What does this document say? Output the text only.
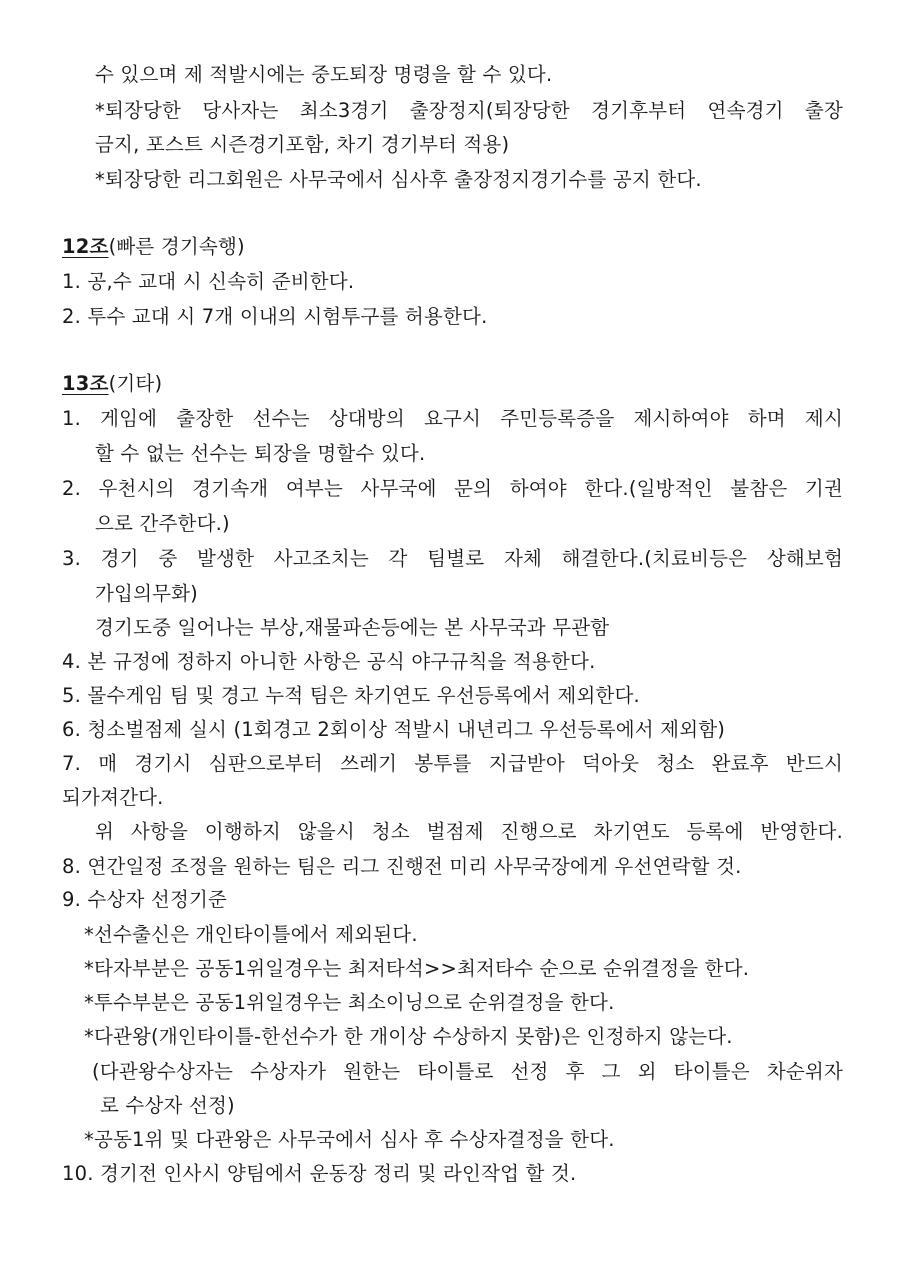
수 있으며 제 적발시에는 중도퇴장 명령을 할 수 있다.
*퇴장당한 당사자는 최소3경기 출장정지(퇴장당한 경기후부터 연속경기 출장
금지, 포스트 시즌경기포함, 차기 경기부터 적용)
*퇴장당한 리그회원은 사무국에서 심사후 출장정지경기수를 공지 한다.
12조(빠른 경기속행)
1. 공,수 교대 시 신속히 준비한다.
2. 투수 교대 시 7개 이내의 시험투구를 허용한다.
13조(기타)
1. 게임에 출장한 선수는 상대방의 요구시 주민등록증을 제시하여야 하며 제시
할 수 없는 선수는 퇴장을 명할수 있다.
2. 우천시의 경기속개 여부는 사무국에 문의 하여야 한다.(일방적인 불참은 기권
으로 간주한다.)
3. 경기 중 발생한 사고조치는 각 팀별로 자체 해결한다.(치료비등은 상해보험
가입의무화)
경기도중 일어나는 부상,재물파손등에는 본 사무국과 무관함
4. 본 규정에 정하지 아니한 사항은 공식 야구규칙을 적용한다.
5. 몰수게임 팀 및 경고 누적 팀은 차기연도 우선등록에서 제외한다.
6. 청소벌점제 실시 (1회경고 2회이상 적발시 내년리그 우선등록에서 제외함)
7. 매 경기시 심판으로부터 쓰레기 봉투를 지급받아 덕아웃 청소 완료후 반드시
되가져간다.
위 사항을 이행하지 않을시 청소 벌점제 진행으로 차기연도 등록에 반영한다.
8. 연간일정 조정을 원하는 팀은 리그 진행전 미리 사무국장에게 우선연락할 것.
9. 수상자 선정기준
*선수출신은 개인타이틀에서 제외된다.
*타자부분은 공동1위일경우는 최저타석>>최저타수 순으로 순위결정을 한다.
*투수부분은 공동1위일경우는 최소이닝으로 순위결정을 한다.
*다관왕(개인타이틀-한선수가 한 개이상 수상하지 못함)은 인정하지 않는다.
(다관왕수상자는 수상자가 원한는 타이틀로 선정 후 그 외 타이틀은 차순위자
로 수상자 선정)
*공동1위 및 다관왕은 사무국에서 심사 후 수상자결정을 한다.
10. 경기전 인사시 양팀에서 운동장 정리 및 라인작업 할 것.
